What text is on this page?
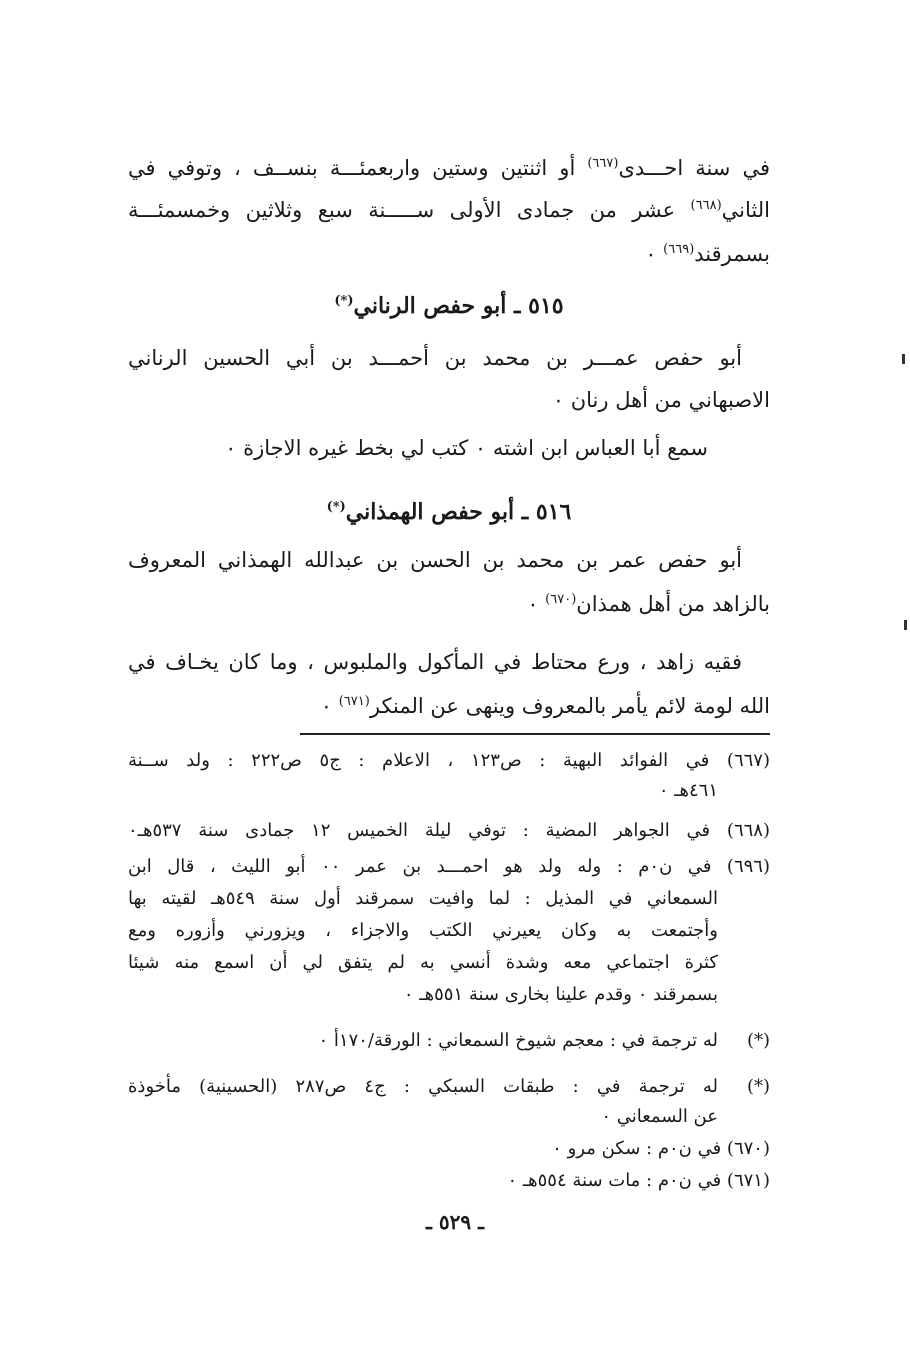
في سنة احـــدى$^{(٦٦٧)}$ أو اثنتين وستين واربعمئـــة بنســف ، وتوفي في
الثاني$^{(٦٦٨)}$ عشر من جمادى الأولى ســـــنة سبع وثلاثين وخمسمئـــة
بسمرقند$^{(٦٦٩)}$ ٠
٥١٥ ـ أبو حفص الرناني(*)
أبو حفص عمـــر بن محمد بن أحمـــد بن أبي الحسين الرناني
الاصبهاني من أهل رنان ٠
سمع أبا العباس ابن اشته ٠ كتب لي بخط غيره الاجازة ٠
٥١٦ ـ أبو حفص الهمذاني(*)
أبو حفص عمر بن محمد بن الحسن بن عبدالله الهمذاني المعروف
بالزاهد من أهل همذان$^{(٦٧٠)}$ ٠
فقيه زاهد ، ورع محتاط في المأكول والملبوس ، وما كان يخـاف في
الله لومة لائم يأمر بالمعروف وينهى عن المنكر$^{(٦٧١)}$ ٠
(٦٦٧) في الفوائد البهية : ص١٢٣ ، الاعلام : ج٥ ص٢٢٢ : ولد ســنة
٤٦١هـ ٠
(٦٦٨) في الجواهر المضية : توفي ليلة الخميس ١٢ جمادى سنة ٥٣٧هـ٠
(٦٩٦) في ن٠م : وله ولد هو احمـــد بن عمر ٠٠ أبو الليث ، قال ابن
السمعاني في المذيل : لما وافيت سمرقند أول سنة ٥٤٩هـ لقيته بها
وأجتمعت به وكان يعيرني الكتب والاجزاء ، ويزورني وأزوره ومع
كثرة اجتماعي معه وشدة أنسي به لم يتفق لي أن اسمع منه شيئا
بسمرقند ٠ وقدم علينا بخارى سنة ٥٥١هـ ٠
(*)
له ترجمة في : معجم شيوخ السمعاني : الورقة/١٧٠أ ٠
(*)
له ترجمة في : طبقات السبكي : ج٤ ص٢٨٧ (الحسينية) مأخوذة
عن السمعاني ٠
(٦٧٠) في ن٠م : سكن مرو ٠
(٦٧١) في ن٠م : مات سنة ٥٥٤هـ ٠
ـ ٥٢٩ ـ
